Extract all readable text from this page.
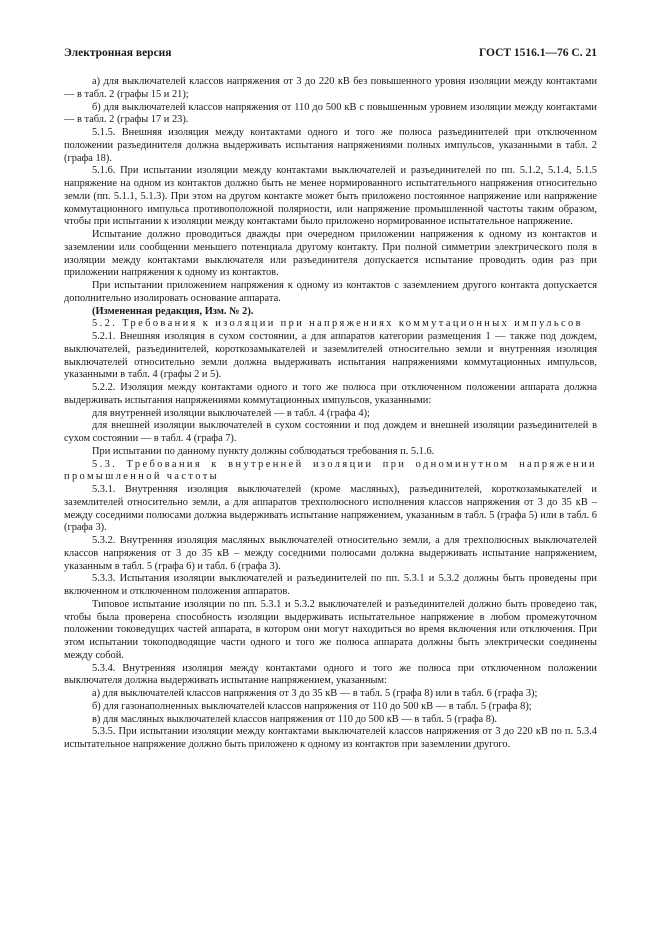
Электронная версия	ГОСТ 1516.1—76 С. 21

а) для выключателей классов напряжения от 3 до 220 кВ без повышенного уровня изоляции между контактами — в табл. 2 (графы 15 и 21);

б) для выключателей классов напряжения от 110 до 500 кВ с повышенным уровнем изоляции между контактами — в табл. 2 (графы 17 и 23).

5.1.5. Внешняя изоляция между контактами одного и того же полюса разъединителей при отключенном положении разъединителя должна выдерживать испытания напряжениями полных импульсов, указанными в табл. 2 (графа 18).

5.1.6. При испытании изоляции между контактами выключателей и разъединителей по пп. 5.1.2, 5.1.4, 5.1.5 напряжение на одном из контактов должно быть не менее нормированного испытательного напряжения относительно земли (пп. 5.1.1, 5.1.3). При этом на другом контакте может быть приложено постоянное напряжение или напряжение коммутационного импульса противоположной полярности, или напряжение промышленной частоты таким образом, чтобы при испытании к изоляции между контактами было приложено нормированное испытательное напряжение.

Испытание должно проводиться дважды при очередном приложении напряжения к одному из контактов и заземлении или сообщении меньшего потенциала другому контакту. При полной симметрии электрического поля в изоляции между контактами выключателя или разъединителя допускается испытание проводить один раз при приложении напряжения к одному из контактов.

При испытании приложением напряжения к одному из контактов с заземлением другого контакта допускается дополнительно изолировать основание аппарата.

(Измененная редакция, Изм. № 2).

5.2. Требования к изоляции при напряжениях коммутационных импульсов

5.2.1. Внешняя изоляция в сухом состоянии, а для аппаратов категории размещения 1 — также под дождем, выключателей, разъединителей, короткозамыкателей и заземлителей относительно земли и внутренняя изоляция выключателей относительно земли должна выдерживать испытания напряжениями коммутационных импульсов, указанными в табл. 4 (графы 2 и 5).

5.2.2. Изоляция между контактами одного и того же полюса при отключенном положении аппарата должна выдерживать испытания напряжениями коммутационных импульсов, указанными:

для внутренней изоляции выключателей — в табл. 4 (графа 4);

для внешней изоляции выключателей в сухом состоянии и под дождем и внешней изоляции разъединителей в сухом состоянии — в табл. 4 (графа 7).

При испытании по данному пункту должны соблюдаться требования п. 5.1.6.

5.3. Требования к внутренней изоляции при одноминутном напряжении промышленной частоты

5.3.1. Внутренняя изоляция выключателей (кроме масляных), разъединителей, короткозамыкателей и заземлителей относительно земли, а для аппаратов трехполюсного исполнения классов напряжения от 3 до 35 кВ – между соседними полюсами должна выдерживать испытание напряжением, указанным в табл. 5 (графа 5) или в табл. 6 (графа 3).

5.3.2. Внутренняя изоляция масляных выключателей относительно земли, а для трехполюсных выключателей классов напряжения от 3 до 35 кВ – между соседними полюсами должна выдерживать испытание напряжением, указанным в табл. 5 (графа 6) и табл. 6 (графа 3).

5.3.3. Испытания изоляции выключателей и разъединителей по пп. 5.3.1 и 5.3.2 должны быть проведены при включенном и отключенном положения аппаратов.

Типовое испытание изоляции по пп. 5.3.1 и 5.3.2 выключателей и разъединителей должно быть проведено так, чтобы была проверена способность изоляции выдерживать испытательное напряжение в любом промежуточном положении токоведущих частей аппарата, в котором они могут находиться во время включения или отключения. При этом испытании токоподводящие части одного и того же полюса аппарата должны быть электрически соединены между собой.

5.3.4. Внутренняя изоляция между контактами одного и того же полюса при отключенном положении выключателя должна выдерживать испытание напряжением, указанным:

а) для выключателей классов напряжения от 3 до 35 кВ — в табл. 5 (графа 8) или в табл. 6 (графа 3);

б) для газонаполненных выключателей классов напряжения от 110 до 500 кВ — в табл. 5 (графа 8);

в) для масляных выключателей классов напряжения от 110 до 500 кВ — в табл. 5 (графа 8).

5.3.5. При испытании изоляции между контактами выключателей классов напряжения от 3 до 220 кВ по п. 5.3.4 испытательное напряжение должно быть приложено к одному из контактов при заземлении другого.
